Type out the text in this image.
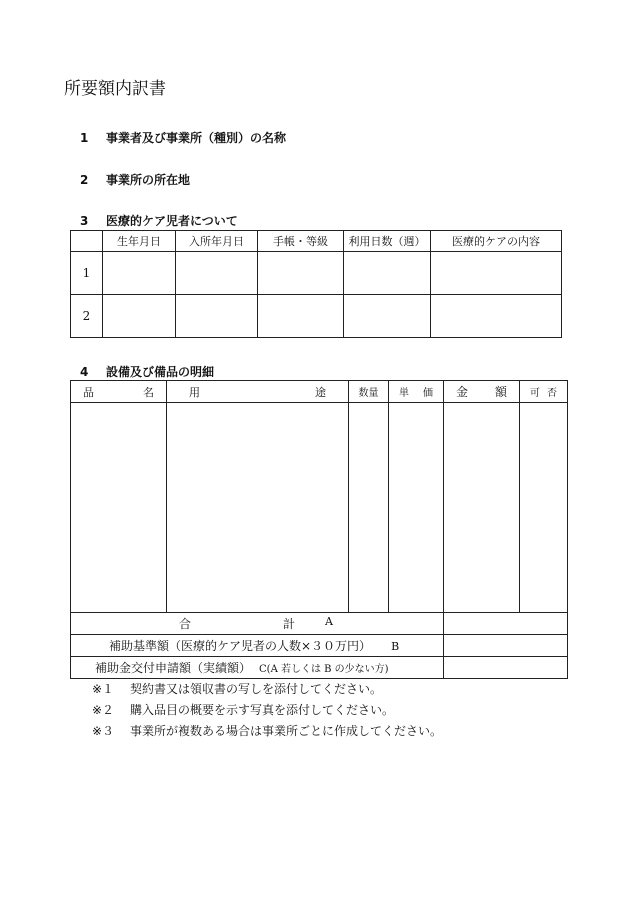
所要額内訳書
1 事業者及び事業所（種別）の名称
2 事業所の所在地
3 医療的ケア児者について
	生年月日	入所年月日	手帳・等級	利用日数（週）	医療的ケアの内容
1					
2					
4 設備及び備品の明細
品 名	用 途	数量	単 価	金 額	可 否

合 計 A					

補助基準額（医療的ケア児者の人数×３０万円） B					

補助金交付申請額（実績額） C(A 若しくは B の少ない方)					

※１ 契約書又は領収書の写しを添付してください。
※２ 購入品目の概要を示す写真を添付してください。
※３ 事業所が複数ある場合は事業所ごとに作成してください。
